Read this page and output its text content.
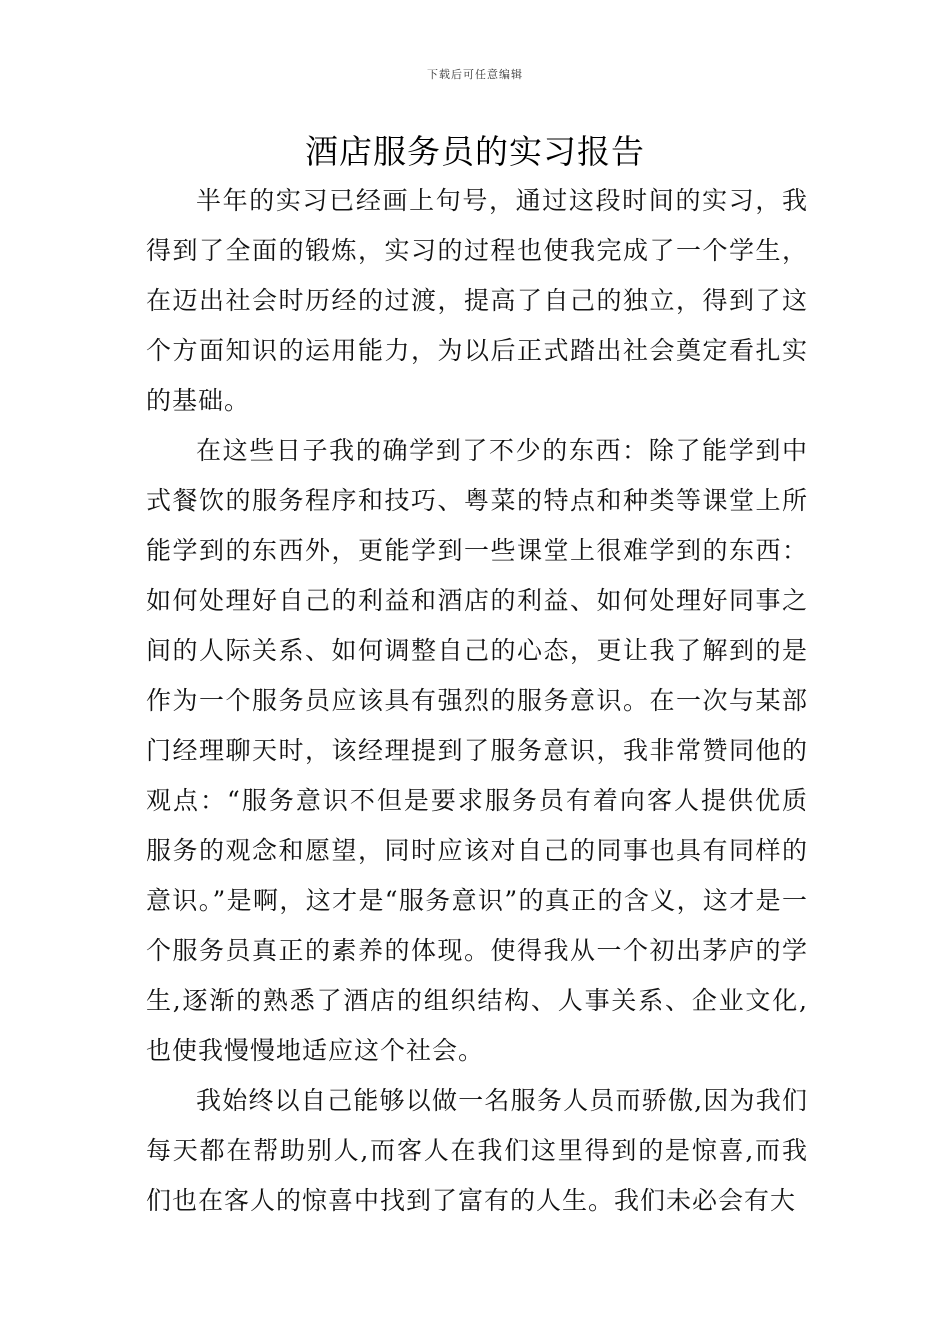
下载后可任意编辑
酒店服务员的实习报告

半年的实习已经画上句号，通过这段时间的实习，我得到了全面的锻炼，实习的过程也使我完成了一个学生，在迈出社会时历经的过渡，提高了自己的独立，得到了这个方面知识的运用能力，为以后正式踏出社会奠定看扎实的基础。

在这些日子我的确学到了不少的东西：除了能学到中式餐饮的服务程序和技巧、粤菜的特点和种类等课堂上所能学到的东西外，更能学到一些课堂上很难学到的东西：如何处理好自己的利益和酒店的利益、如何处理好同事之间的人际关系、如何调整自己的心态，更让我了解到的是作为一个服务员应该具有强烈的服务意识。在一次与某部门经理聊天时，该经理提到了服务意识，我非常赞同他的观点：“服务意识不但是要求服务员有着向客人提供优质服务的观念和愿望，同时应该对自己的同事也具有同样的意识。”是啊，这才是“服务意识”的真正的含义，这才是一个服务员真正的素养的体现。使得我从一个初出茅庐的学生,逐渐的熟悉了酒店的组织结构、人事关系、企业文化,也使我慢慢地适应这个社会。

我始终以自己能够以做一名服务人员而骄傲,因为我们每天都在帮助别人,而客人在我们这里得到的是惊喜,而我们也在客人的惊喜中找到了富有的人生。我们未必会有大
